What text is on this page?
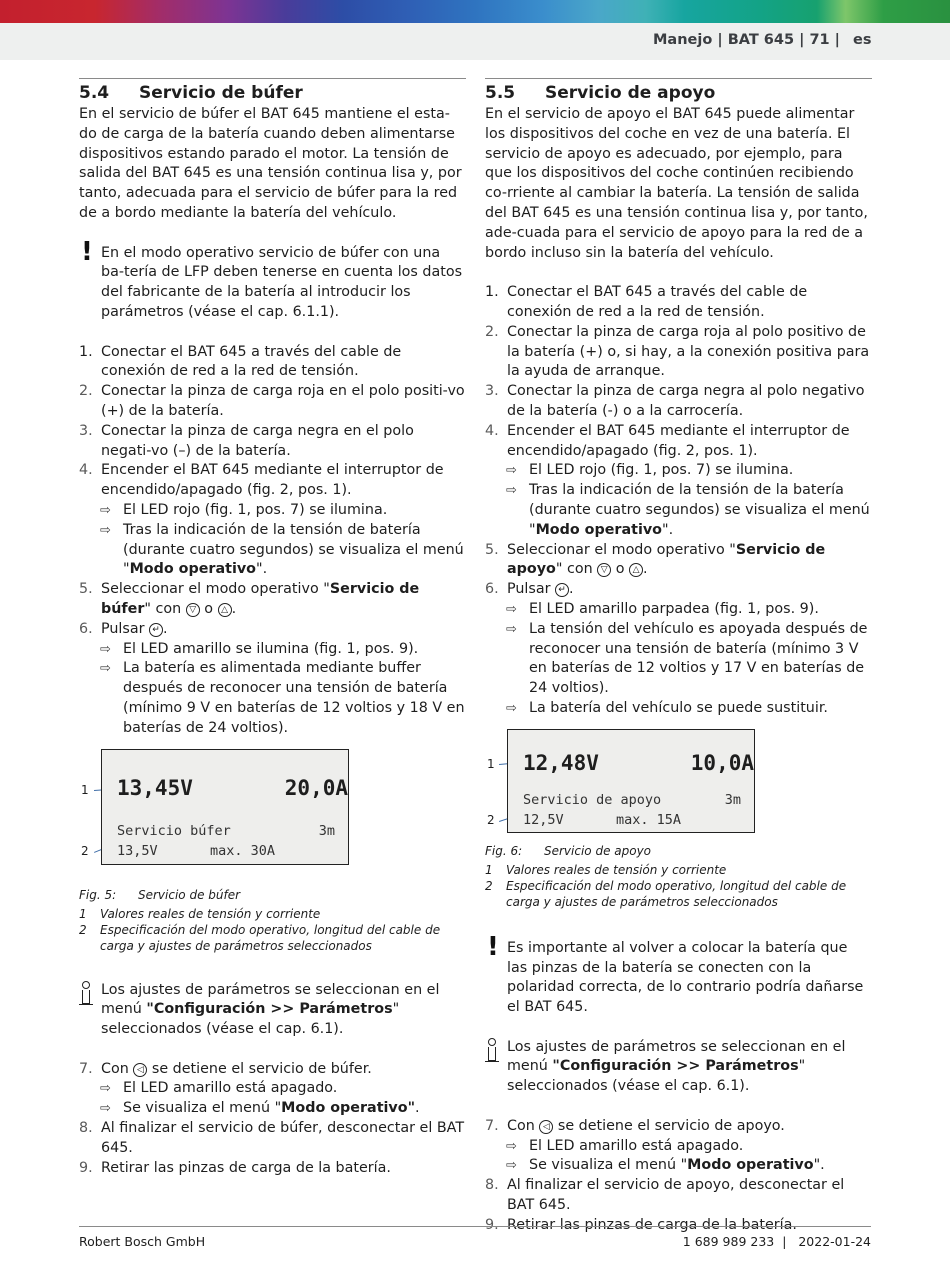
Manejo | BAT 645 | 71 | es
5.4 Servicio de búfer
En el servicio de búfer el BAT 645 mantiene el esta-do de carga de la batería cuando deben alimentarse dispositivos estando parado el motor. La tensión de salida del BAT 645 es una tensión continua lisa y, por tanto, adecuada para el servicio de búfer para la red de a bordo mediante la batería del vehículo.
! En el modo operativo servicio de búfer con una ba-tería de LFP deben tenerse en cuenta los datos del fabricante de la batería al introducir los parámetros (véase el cap. 6.1.1).
1. Conectar el BAT 645 a través del cable de conexión de red a la red de tensión.
2. Conectar la pinza de carga roja en el polo positi-vo (+) de la batería.
3. Conectar la pinza de carga negra en el polo negati-vo (–) de la batería.
4. Encender el BAT 645 mediante el interruptor de encendido/apagado (fig. 2, pos. 1).
⇨ El LED rojo (fig. 1, pos. 7) se ilumina.
⇨ Tras la indicación de la tensión de batería (durante cuatro segundos) se visualiza el menú "Modo operativo".
5. Seleccionar el modo operativo "Servicio de búfer" con ▽ o △ .
6. Pulsar ↵ .
⇨ El LED amarillo se ilumina (fig. 1, pos. 9).
⇨ La batería es alimentada mediante buffer después de reconocer una tensión de batería (mínimo 9 V en baterías de 12 voltios y 18 V en baterías de 24 voltios).
1
2
13,45V	20,0A
Servicio búfer	3m
13,5V	max. 30A
Fig. 5: Servicio de búfer
1 Valores reales de tensión y corriente
2 Especificación del modo operativo, longitud del cable de carga y ajustes de parámetros seleccionados
Los ajustes de parámetros se seleccionan en el menú "Configuración >> Parámetros" seleccionados (véase el cap. 6.1).
7. Con ◁ se detiene el servicio de búfer.
⇨ El LED amarillo está apagado.
⇨ Se visualiza el menú "Modo operativo".
8. Al finalizar el servicio de búfer, desconectar el BAT 645.
9. Retirar las pinzas de carga de la batería.
5.5 Servicio de apoyo
En el servicio de apoyo el BAT 645 puede alimentar los dispositivos del coche en vez de una batería. El servicio de apoyo es adecuado, por ejemplo, para que los dispositivos del coche continúen recibiendo co-rriente al cambiar la batería. La tensión de salida del BAT 645 es una tensión continua lisa y, por tanto, ade-cuada para el servicio de apoyo para la red de a bordo incluso sin la batería del vehículo.
1. Conectar el BAT 645 a través del cable de conexión de red a la red de tensión.
2. Conectar la pinza de carga roja al polo positivo de la batería (+) o, si hay, a la conexión positiva para la ayuda de arranque.
3. Conectar la pinza de carga negra al polo negativo de la batería (-) o a la carrocería.
4. Encender el BAT 645 mediante el interruptor de encendido/apagado (fig. 2, pos. 1).
⇨ El LED rojo (fig. 1, pos. 7) se ilumina.
⇨ Tras la indicación de la tensión de la batería (durante cuatro segundos) se visualiza el menú "Modo operativo".
5. Seleccionar el modo operativo "Servicio de apoyo" con ▽ o △ .
6. Pulsar ↵ .
⇨ El LED amarillo parpadea (fig. 1, pos. 9).
⇨ La tensión del vehículo es apoyada después de reconocer una tensión de batería (mínimo 3 V en baterías de 12 voltios y 17 V en baterías de 24 voltios).
⇨ La batería del vehículo se puede sustituir.
1
2
12,48V	10,0A
Servicio de apoyo	3m
12,5V	max. 15A
Fig. 6: Servicio de apoyo
1 Valores reales de tensión y corriente
2 Especificación del modo operativo, longitud del cable de carga y ajustes de parámetros seleccionados
! Es importante al volver a colocar la batería que las pinzas de la batería se conecten con la polaridad correcta, de lo contrario podría dañarse el BAT 645.
Los ajustes de parámetros se seleccionan en el menú "Configuración >> Parámetros" seleccionados (véase el cap. 6.1).
7. Con ◁ se detiene el servicio de apoyo.
⇨ El LED amarillo está apagado.
⇨ Se visualiza el menú "Modo operativo".
8. Al finalizar el servicio de apoyo, desconectar el BAT 645.
9. Retirar las pinzas de carga de la batería.
Robert Bosch GmbH	1 689 989 233 | 2022-01-24
